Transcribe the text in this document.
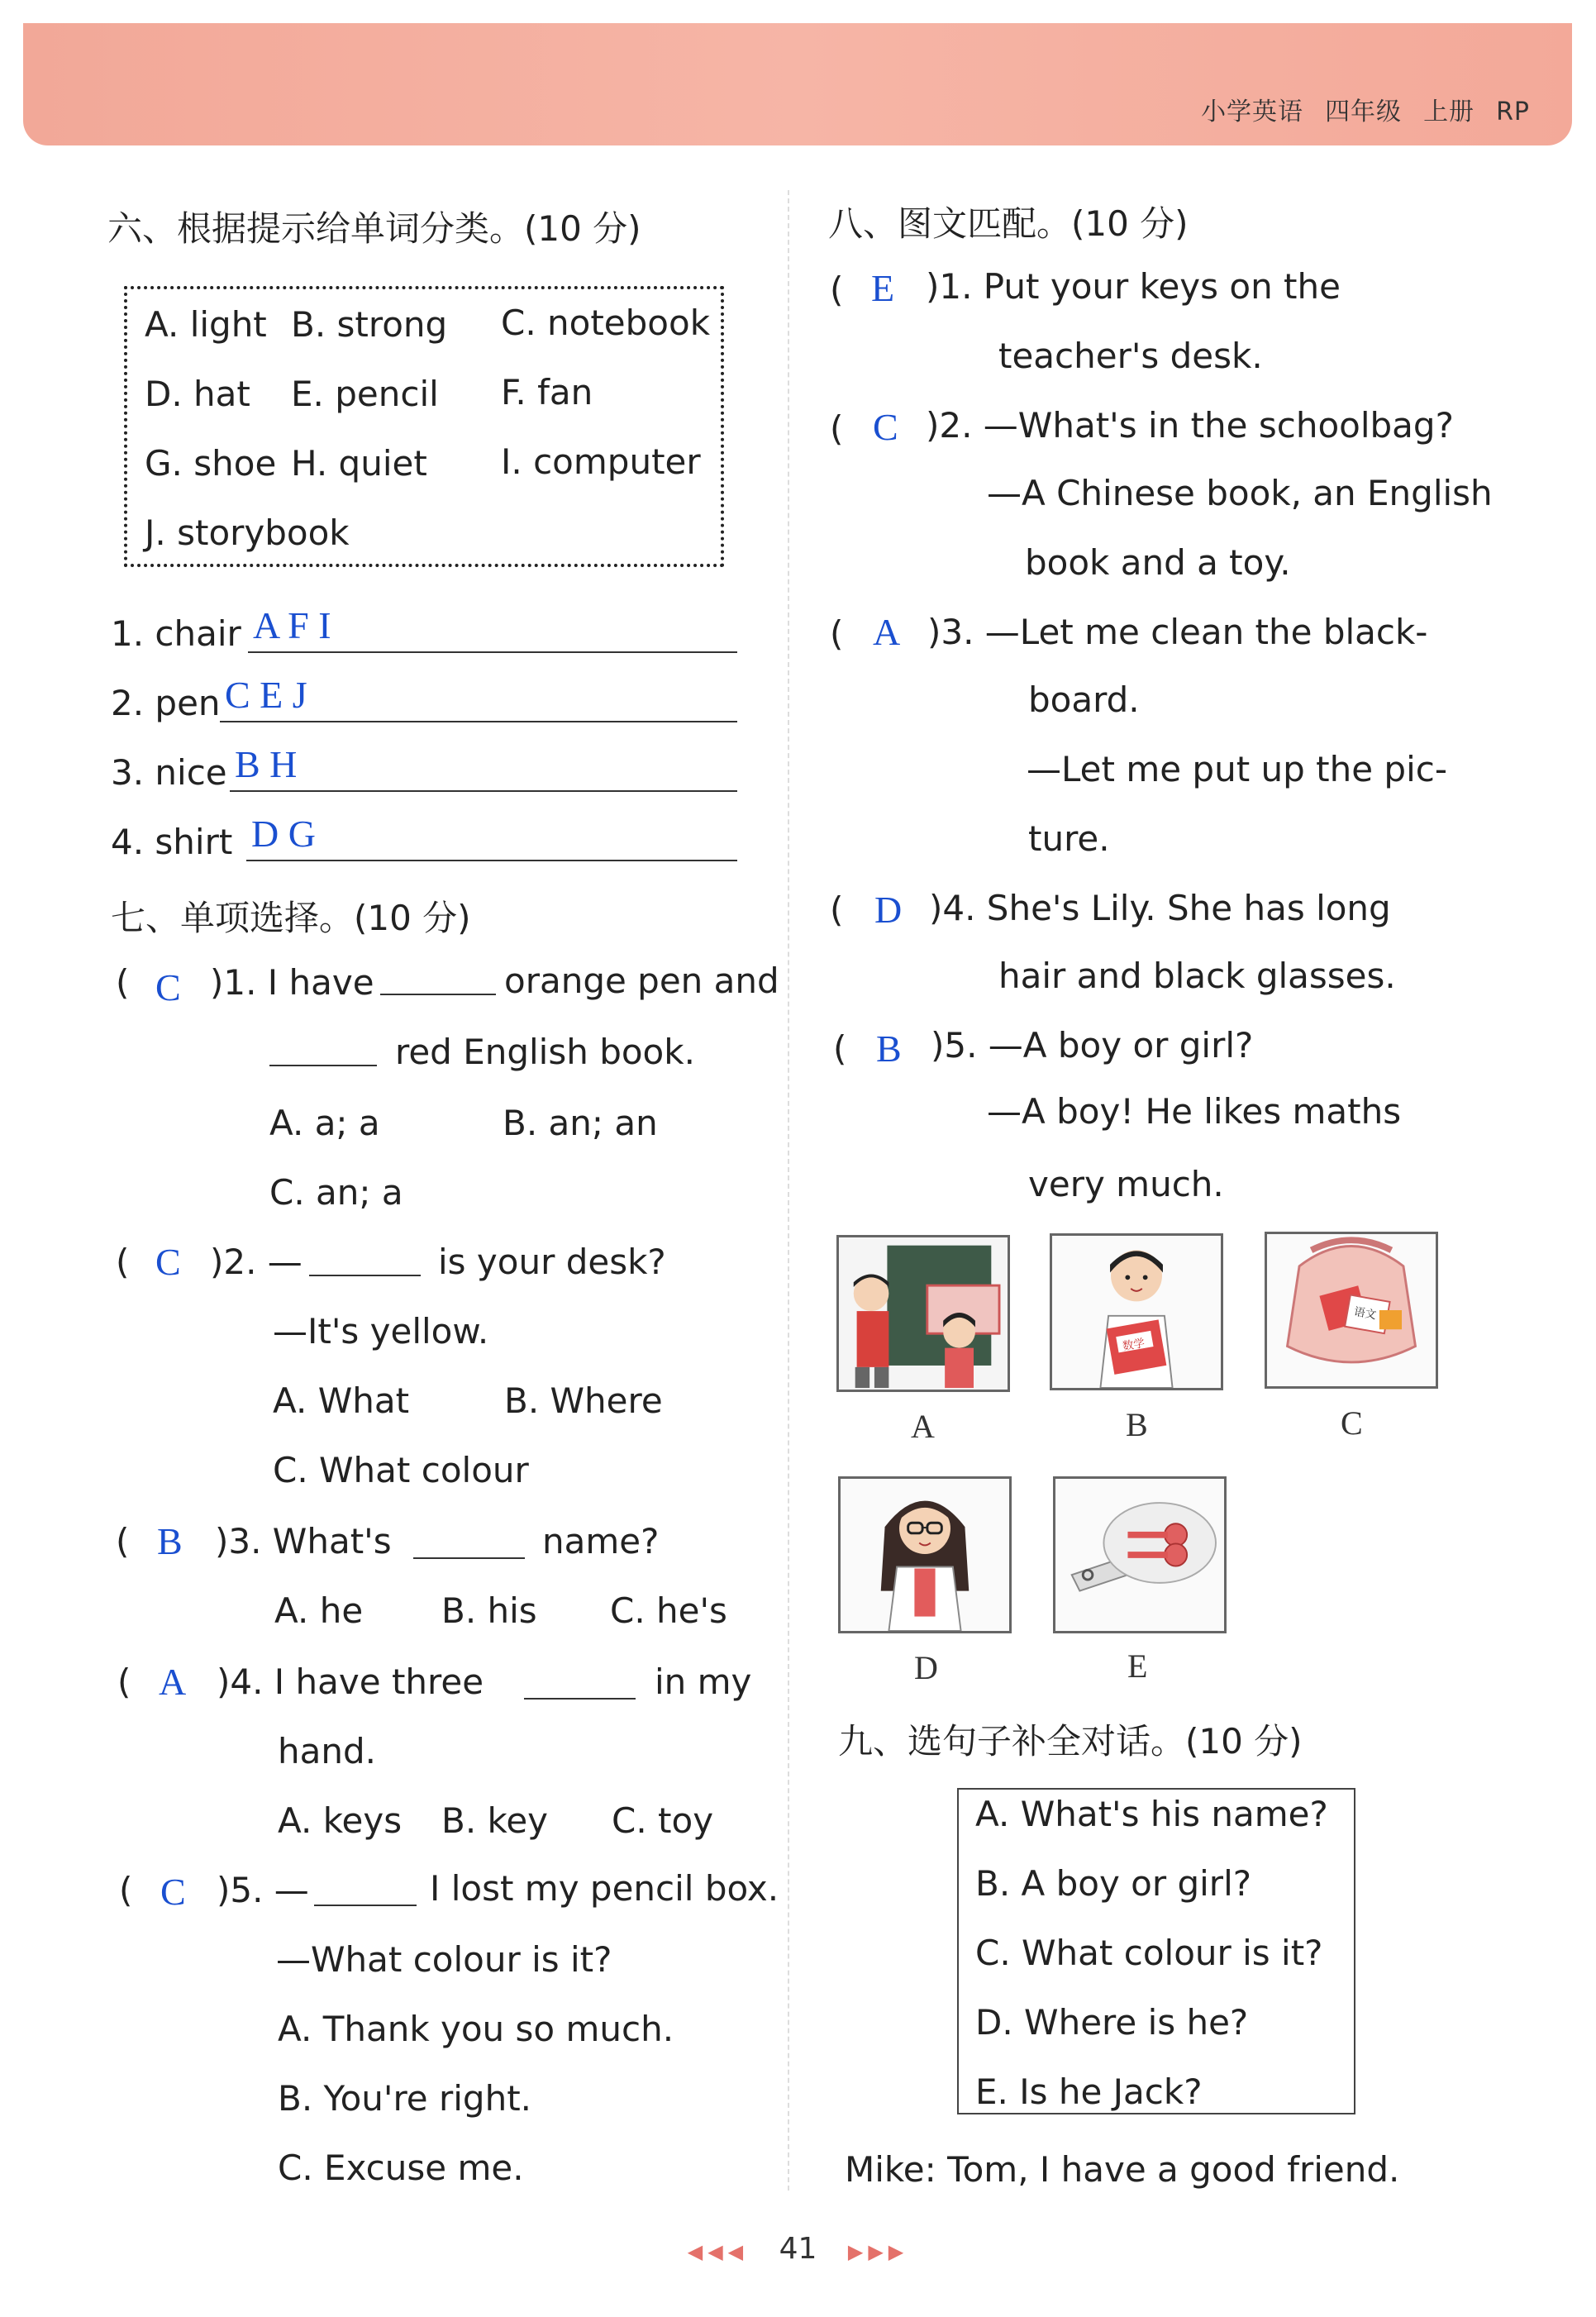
小学英语 四年级 上册 RP
六、根据提示给单词分类。(10 分)
A. light B. strong C. notebook
D. hat E. pencil F. fan
G. shoe H. quiet I. computer
J. storybook
1. chair A F I
2. pen C E J
3. nice B H
4. shirt D G
七、单项选择。(10 分)
( C )1. I have	orange pen and
red English book.
A. a; a	B. an; an
C. an; a
( C )2. —	is your desk?
—It's yellow.
A. What	B. Where
C. What colour
( B )3. What's	name?
A. he B. his C. he's
( A )4. I have three	in my
hand.
A. keys B. key C. toy
( C )5. —	I lost my pencil box.
—What colour is it?
A. Thank you so much.
B. You're right.
C. Excuse me.
八、图文匹配。(10 分)
( E )1. Put your keys on the
teacher's desk.
( C )2. —What's in the schoolbag?
—A Chinese book, an English
book and a toy.
( A )3. —Let me clean the black-
board.
—Let me put up the pic-
ture.
( D )4. She's Lily. She has long
hair and black glasses.
( B )5. —A boy or girl?
—A boy! He likes maths
very much.
A
数学
B
语文
C
D	E
九、选句子补全对话。(10 分)
A. What's his name?
B. A boy or girl?
C. What colour is it?
D. Where is he?
E. Is he Jack?
Mike: Tom, I have a good friend.
◀◀◀ 41 ▶▶▶
